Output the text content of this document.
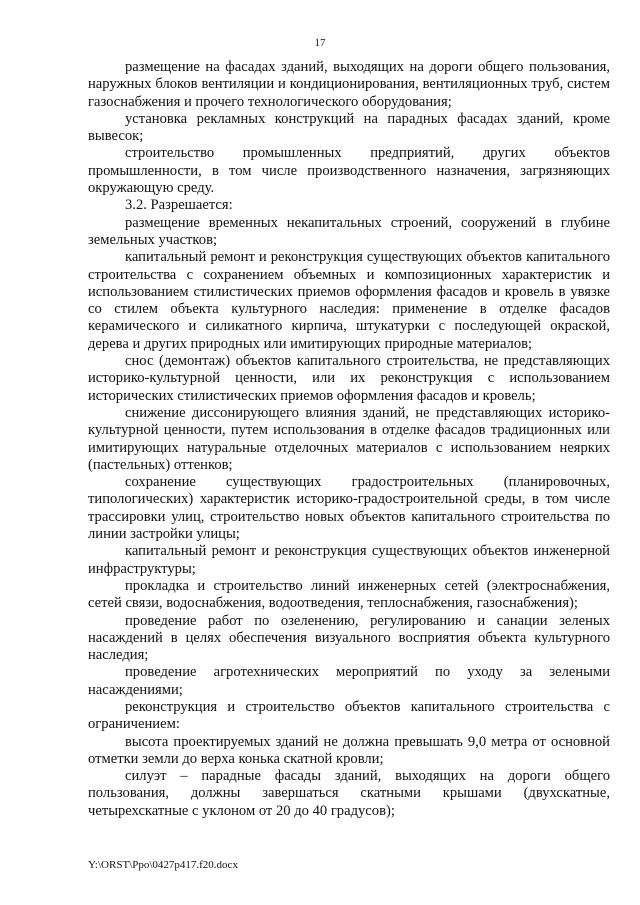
17

размещение на фасадах зданий, выходящих на дороги общего пользования, наружных блоков вентиляции и кондиционирования, вентиляционных труб, систем газоснабжения и прочего технологического оборудования;

установка рекламных конструкций на парадных фасадах зданий, кроме вывесок;

строительство промышленных предприятий, других объектов промышленности, в том числе производственного назначения, загрязняющих окружающую среду.

3.2. Разрешается:

размещение временных некапитальных строений, сооружений в глубине земельных участков;

капитальный ремонт и реконструкция существующих объектов капитального строительства с сохранением объемных и композиционных характеристик и использованием стилистических приемов оформления фасадов и кровель в увязке со стилем объекта культурного наследия: применение в отделке фасадов керамического и силикатного кирпича, штукатурки с последующей окраской, дерева и других природных или имитирующих природные материалов;

снос (демонтаж) объектов капитального строительства, не представляющих историко-культурной ценности, или их реконструкция с использованием исторических стилистических приемов оформления фасадов и кровель;

снижение диссонирующего влияния зданий, не представляющих историко-культурной ценности, путем использования в отделке фасадов традиционных или имитирующих натуральные отделочных материалов с использованием неярких (пастельных) оттенков;

сохранение существующих градостроительных (планировочных, типологических) характеристик историко-градостроительной среды, в том числе трассировки улиц, строительство новых объектов капитального строительства по линии застройки улицы;

капитальный ремонт и реконструкция существующих объектов инженерной инфраструктуры;

прокладка и строительство линий инженерных сетей (электроснабжения, сетей связи, водоснабжения, водоотведения, теплоснабжения, газоснабжения);

проведение работ по озеленению, регулированию и санации зеленых насаждений в целях обеспечения визуального восприятия объекта культурного наследия;

проведение агротехнических мероприятий по уходу за зелеными насаждениями;

реконструкция и строительство объектов капитального строительства с ограничением:

высота проектируемых зданий не должна превышать 9,0 метра от основной отметки земли до верха конька скатной кровли;

силуэт – парадные фасады зданий, выходящих на дороги общего пользования, должны завершаться скатными крышами (двухскатные, четырехскатные с уклоном от 20 до 40 градусов);

Y:\ORST\Ppo\0427p417.f20.docx
